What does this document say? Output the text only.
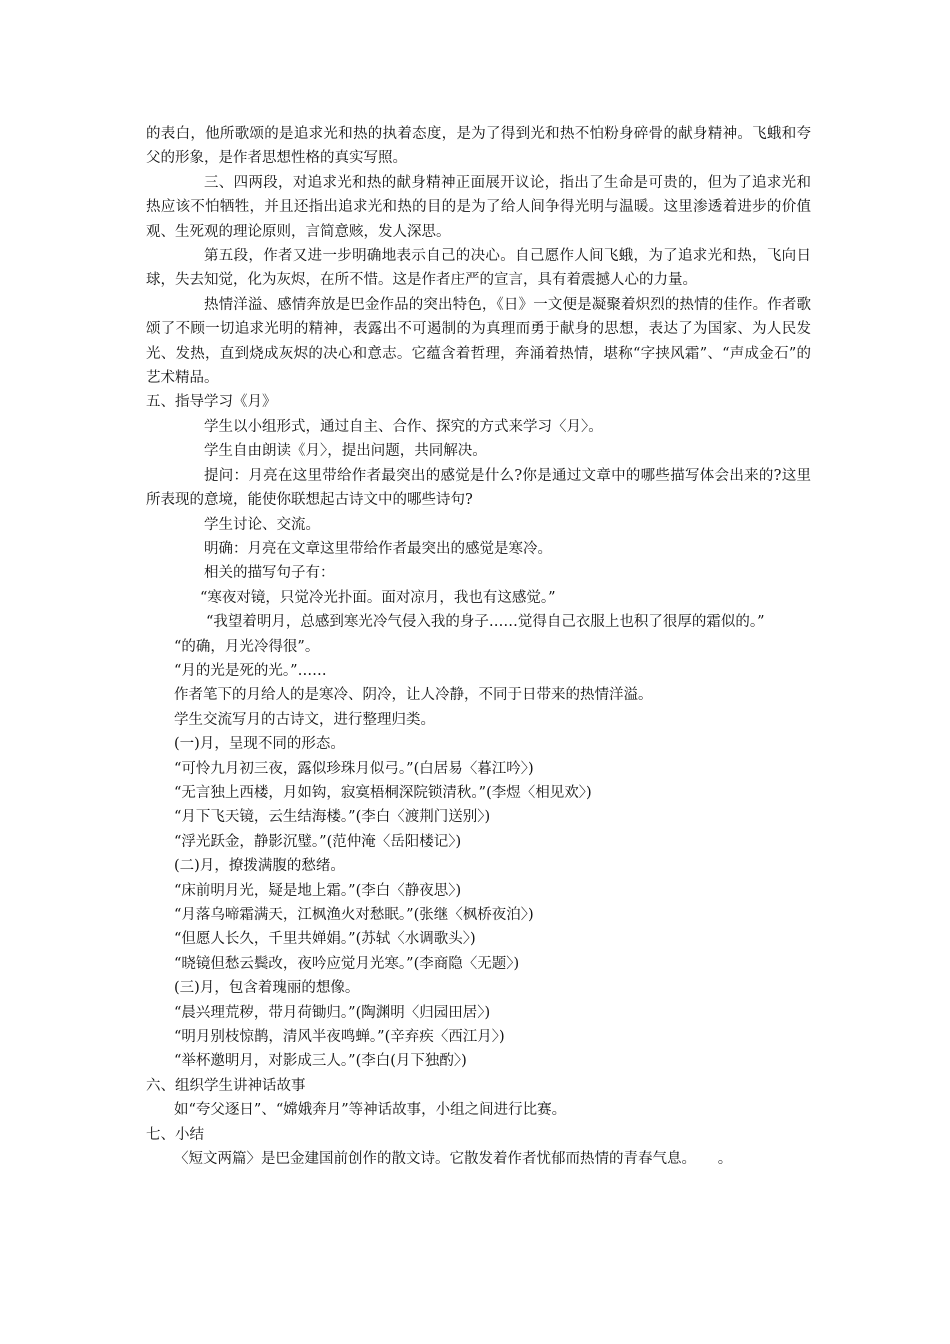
的表白，他所歌颂的是追求光和热的执着态度，是为了得到光和热不怕粉身碎骨的献身精神。飞蛾和夸父的形象，是作者思想性格的真实写照。

三、四两段，对追求光和热的献身精神正面展开议论，指出了生命是可贵的，但为了追求光和热应该不怕牺牲，并且还指出追求光和热的目的是为了给人间争得光明与温暖。这里渗透着进步的价值观、生死观的理论原则，言简意赅，发人深思。

第五段，作者又进一步明确地表示自己的决心。自己愿作人间飞蛾，为了追求光和热，飞向日球，失去知觉，化为灰烬，在所不惜。这是作者庄严的宣言，具有着震撼人心的力量。

热情洋溢、感情奔放是巴金作品的突出特色，《日》一文便是凝聚着炽烈的热情的佳作。作者歌颂了不顾一切追求光明的精神，表露出不可遏制的为真理而勇于献身的思想，表达了为国家、为人民发光、发热，直到烧成灰烬的决心和意志。它蕴含着哲理，奔涌着热情，堪称“字挟风霜”、“声成金石”的艺术精品。

五、指导学习《月》

学生以小组形式，通过自主、合作、探究的方式来学习〈月〉。

学生自由朗读《月〉，提出问题，共同解决。

提问：月亮在这里带给作者最突出的感觉是什么?你是通过文章中的哪些描写体会出来的?这里所表现的意境，能使你联想起古诗文中的哪些诗句?

学生讨论、交流。

明确：月亮在文章这里带给作者最突出的感觉是寒冷。

相关的描写句子有：

“寒夜对镜，只觉冷光扑面。面对凉月，我也有这感觉。”

“我望着明月，总感到寒光冷气侵入我的身子……觉得自己衣服上也积了很厚的霜似的。”

“的确，月光冷得很”。

“月的光是死的光。”……

作者笔下的月给人的是寒冷、阴冷，让人冷静，不同于日带来的热情洋溢。

学生交流写月的古诗文，进行整理归类。

(一)月，呈现不同的形态。

“可怜九月初三夜，露似珍珠月似弓。”(白居易〈暮江吟〉)

“无言独上西楼，月如钩，寂寞梧桐深院锁清秋。”(李煜〈相见欢〉)

“月下飞天镜，云生结海楼。”(李白〈渡荆门送别〉)

“浮光跃金，静影沉璧。”(范仲淹〈岳阳楼记〉)

(二)月，撩拨满腹的愁绪。

“床前明月光，疑是地上霜。”(李白〈静夜思〉)

“月落乌啼霜满天，江枫渔火对愁眠。”(张继〈枫桥夜泊〉)

“但愿人长久，千里共婵娟。”(苏轼〈水调歌头〉)

“晓镜但愁云鬓改，夜吟应觉月光寒。”(李商隐〈无题〉)

(三)月，包含着瑰丽的想像。

“晨兴理荒秽，带月荷锄归。”(陶渊明〈归园田居〉)

“明月别枝惊鹊，清风半夜鸣蝉。”(辛弃疾〈西江月〉)

“举杯邀明月，对影成三人。”(李白(月下独酌〉)

六、组织学生讲神话故事

如“夸父逐日”、“嫦娥奔月”等神话故事，小组之间进行比赛。

七、小结

〈短文两篇〉是巴金建国前创作的散文诗。它散发着作者忧郁而热情的青春气息。　　。
